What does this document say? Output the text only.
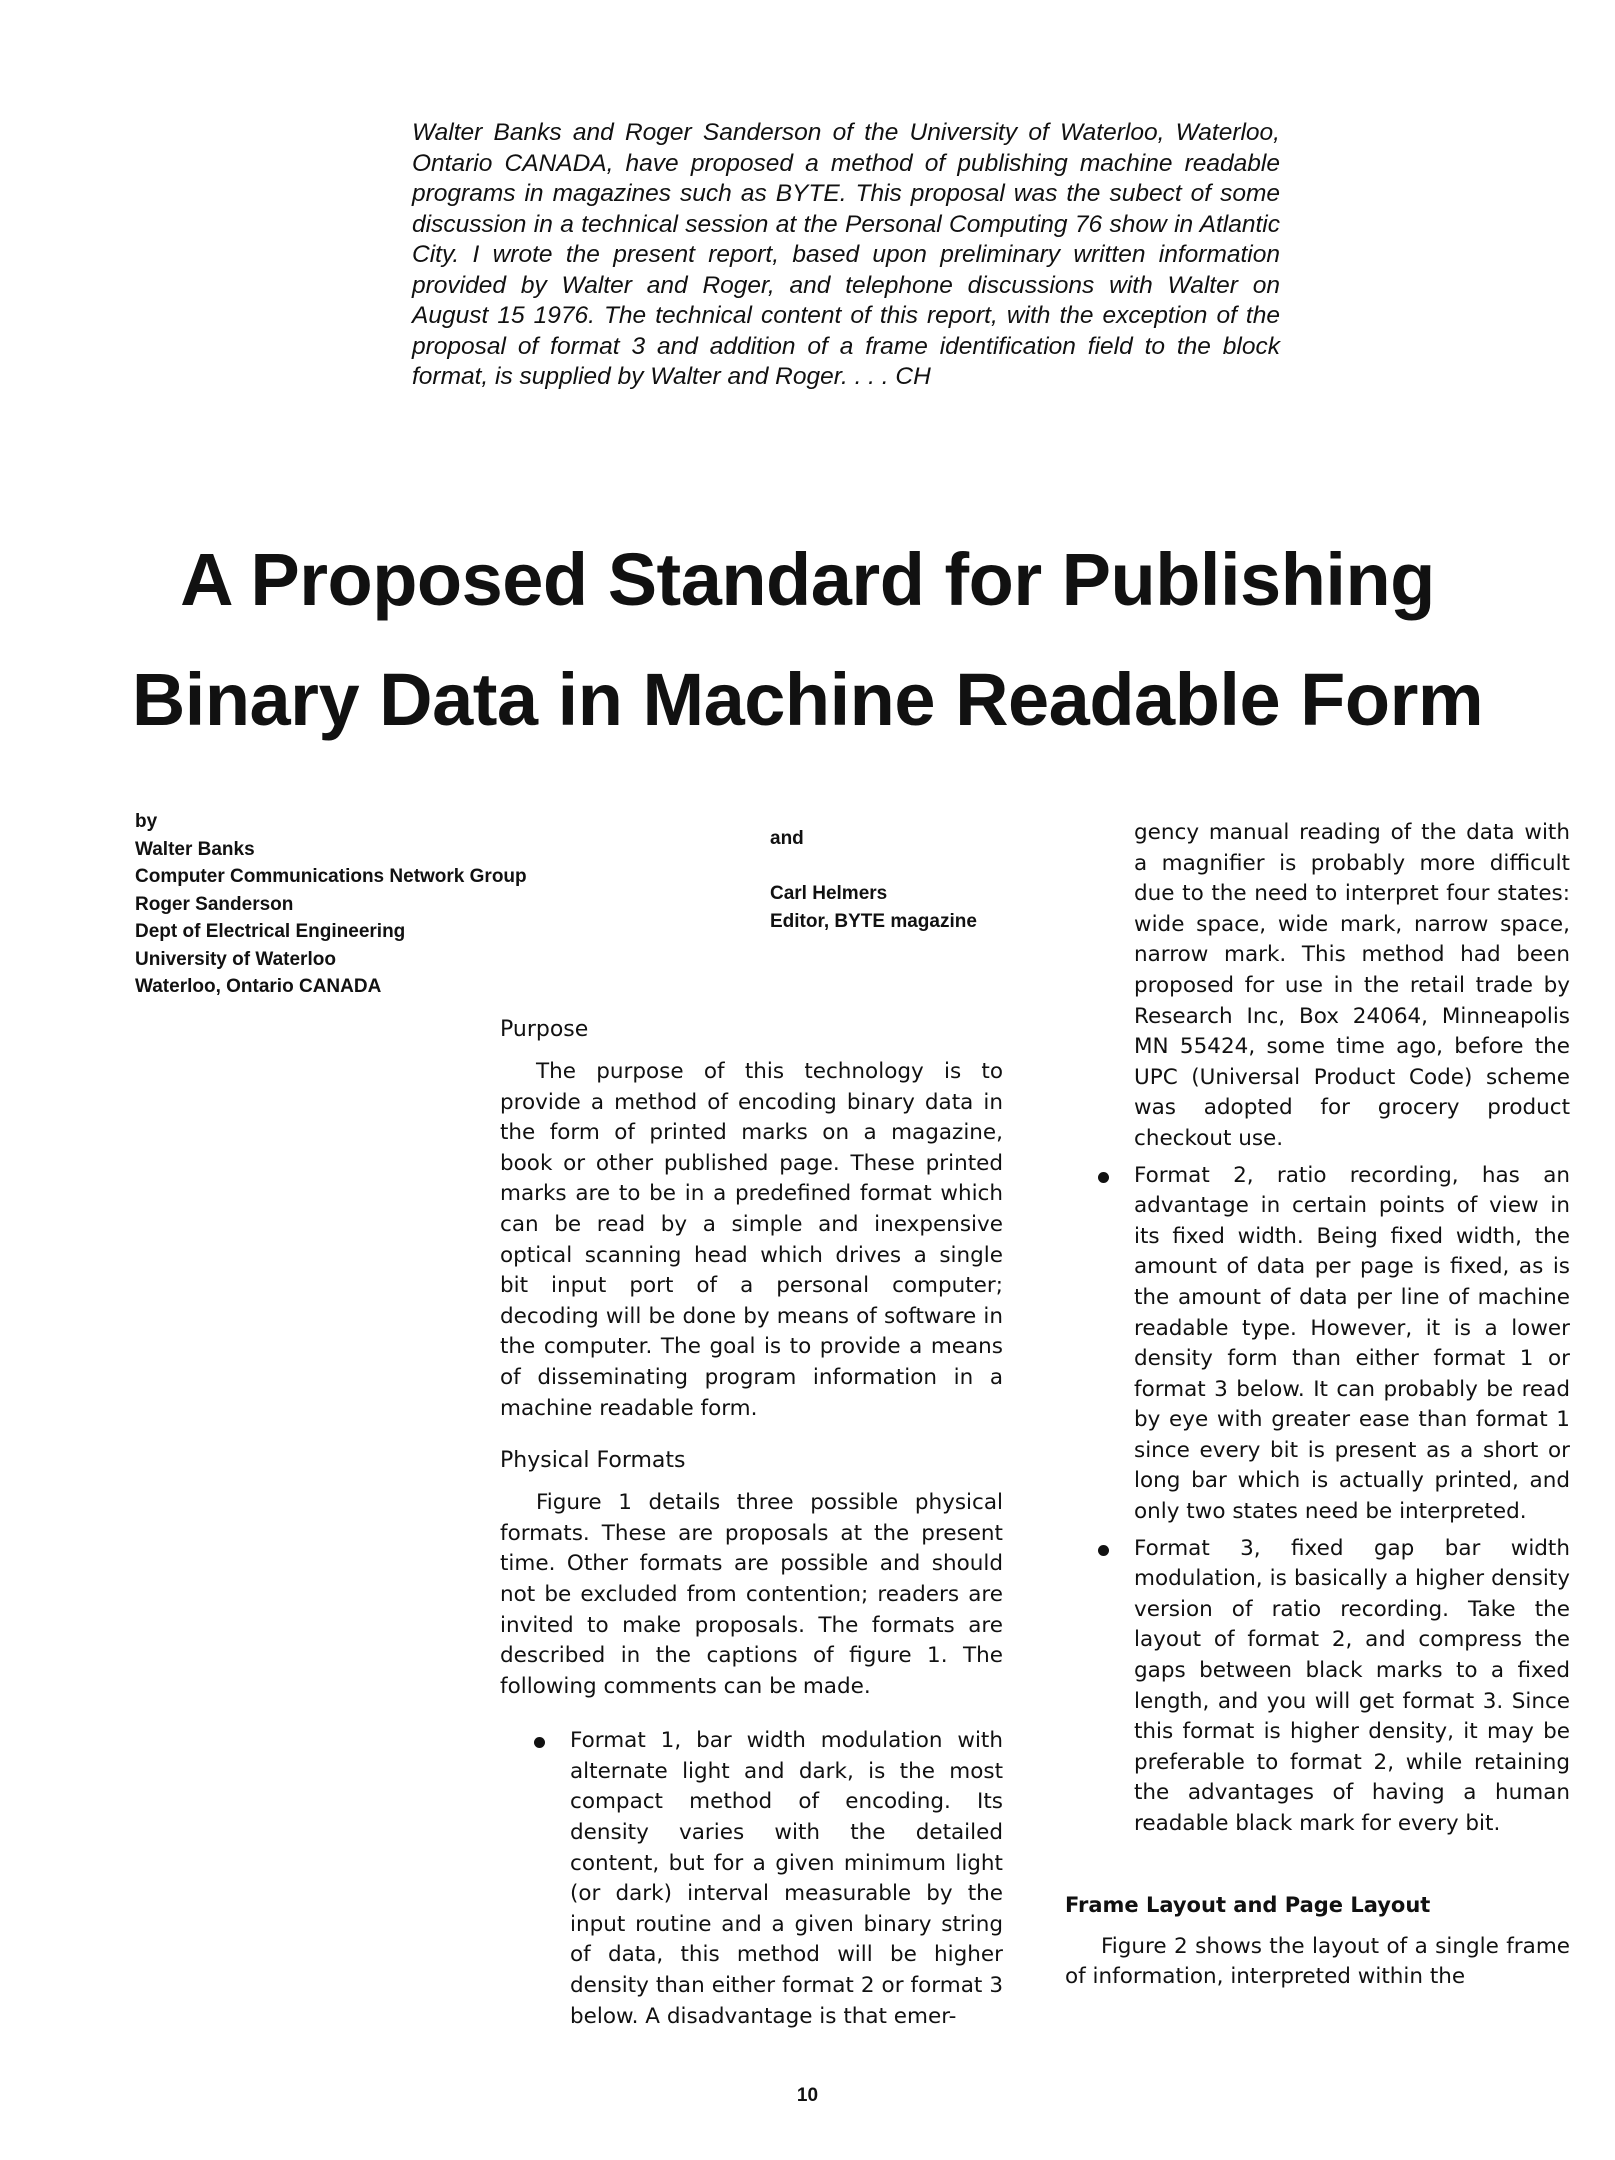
Walter Banks and Roger Sanderson of the University of Waterloo, Waterloo, Ontario CANADA, have proposed a method of publishing machine readable programs in magazines such as BYTE. This proposal was the subect of some discussion in a technical session at the Personal Computing 76 show in Atlantic City. I wrote the present report, based upon preliminary written information provided by Walter and Roger, and telephone discussions with Walter on August 15 1976. The technical content of this report, with the exception of the proposal of format 3 and addition of a frame identification field to the block format, is supplied by Walter and Roger. . . . CH
A Proposed Standard for Publishing
Binary Data in Machine Readable Form
by
Walter Banks
Computer Communications Network Group
Roger Sanderson
Dept of Electrical Engineering
University of Waterloo
Waterloo, Ontario CANADA
and
Carl Helmers
Editor, BYTE magazine
Purpose

The purpose of this technology is to provide a method of encoding binary data in the form of printed marks on a magazine, book or other published page. These printed marks are to be in a predefined format which can be read by a simple and inexpensive optical scanning head which drives a single bit input port of a personal computer; decoding will be done by means of software in the computer. The goal is to provide a means of disseminating program information in a machine readable form.

Physical Formats

Figure 1 details three possible physical formats. These are proposals at the present time. Other formats are possible and should not be excluded from contention; readers are invited to make proposals. The formats are described in the captions of figure 1. The following comments can be made.

Format 1, bar width modulation with alternate light and dark, is the most compact method of encoding. Its density varies with the detailed content, but for a given minimum light (or dark) interval measurable by the input routine and a given binary string of data, this method will be higher density than either format 2 or format 3 below. A disadvantage is that emer-

gency manual reading of the data with a magnifier is probably more difficult due to the need to interpret four states: wide space, wide mark, narrow space, narrow mark. This method had been proposed for use in the retail trade by Research Inc, Box 24064, Minneapolis MN 55424, some time ago, before the UPC (Universal Product Code) scheme was adopted for grocery product checkout use.

Format 2, ratio recording, has an advantage in certain points of view in its fixed width. Being fixed width, the amount of data per page is fixed, as is the amount of data per line of machine readable type. However, it is a lower density form than either format 1 or format 3 below. It can probably be read by eye with greater ease than format 1 since every bit is present as a short or long bar which is actually printed, and only two states need be interpreted.
Format 3, fixed gap bar width modulation, is basically a higher density version of ratio recording. Take the layout of format 2, and compress the gaps between black marks to a fixed length, and you will get format 3. Since this format is higher density, it may be preferable to format 2, while retaining the advantages of having a human readable black mark for every bit.
Frame Layout and Page Layout

Figure 2 shows the layout of a single frame of information, interpreted within the

10
